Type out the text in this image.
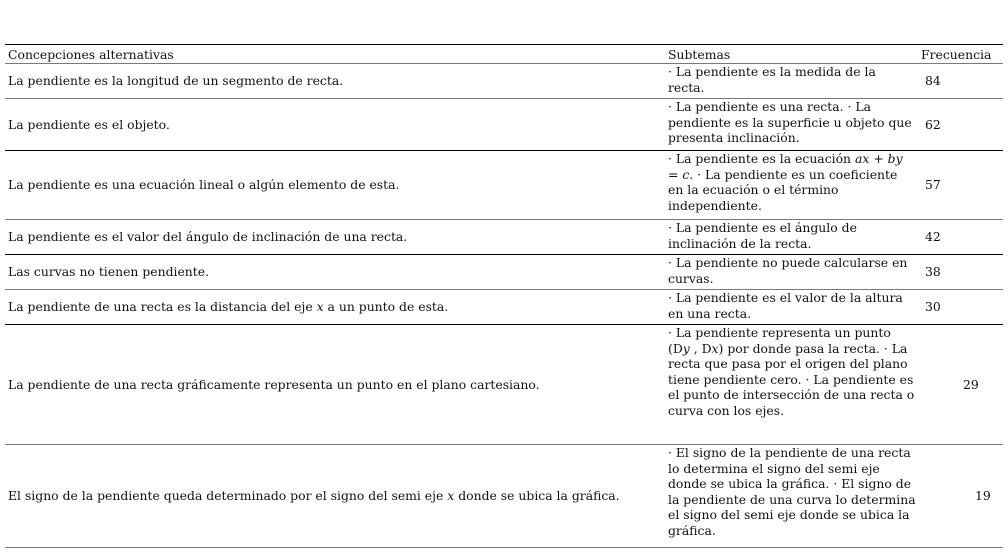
Concepciones alternativas	Subtemas	Frecuencia
La pendiente es la longitud de un segmento de recta.	· La pendiente es la medida de la recta.	84
La pendiente es el objeto.	· La pendiente es una recta. · La pendiente es la superficie u objeto que presenta inclinación.	62
La pendiente es una ecuación lineal o algún elemento de esta.	· La pendiente es la ecuación ax + by = c. · La pendiente es un coeficiente en la ecuación o el término independiente.	57
La pendiente es el valor del ángulo de inclinación de una recta.	· La pendiente es el ángulo de inclinación de la recta.	42
Las curvas no tienen pendiente.	· La pendiente no puede calcularse en curvas.	38
La pendiente de una recta es la distancia del eje x a un punto de esta.	· La pendiente es el valor de la altura en una recta.	30
La pendiente de una recta gráficamente representa un punto en el plano cartesiano.	· La pendiente representa un punto (Dy , Dx) por donde pasa la recta. · La recta que pasa por el origen del plano tiene pendiente cero. · La pendiente es el punto de intersección de una recta o curva con los ejes.	29
El signo de la pendiente queda determinado por el signo del semi eje x donde se ubica la gráfica.	· El signo de la pendiente de una recta lo determina el signo del semi eje donde se ubica la gráfica. · El signo de la pendiente de una curva lo determina el signo del semi eje donde se ubica la gráfica.	19
